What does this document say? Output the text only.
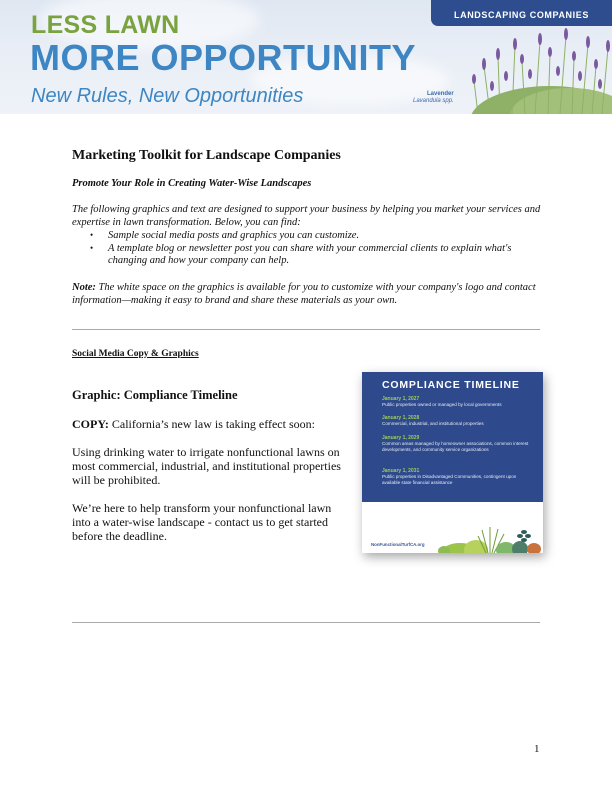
LANDSCAPING COMPANIES
LESS LAWN
MORE OPPORTUNITY
New Rules, New Opportunities	Lavender
Lavandula spp.
Marketing Toolkit for Landscape Companies
Promote Your Role in Creating Water-Wise Landscapes
The following graphics and text are designed to support your business by helping you market your services and expertise in lawn transformation. Below, you can find:
• Sample social media posts and graphics you can customize.
• A template blog or newsletter post you can share with your commercial clients to explain what's changing and how your company can help.
Note: The white space on the graphics is available for you to customize with your company's logo and contact information—making it easy to brand and share these materials as your own.
Social Media Copy & Graphics
Graphic: Compliance Timeline
COPY: California’s new law is taking effect soon:
Using drinking water to irrigate nonfunctional lawns on most commercial, industrial, and institutional properties will be prohibited.
We’re here to help transform your nonfunctional lawn into a water-wise landscape - contact us to get started before the deadline.
COMPLIANCE TIMELINE
January 1, 2027
Public properties owned or managed by local governments
January 1, 2028
Commercial, industrial, and institutional properties
January 1, 2029
Common areas managed by homeowner associations, common interest developments, and community service organizations
January 1, 2031
Public properties in Disadvantaged Communities, contingent upon available state financial assistance
NonFunctionalTurfCA.org
1
